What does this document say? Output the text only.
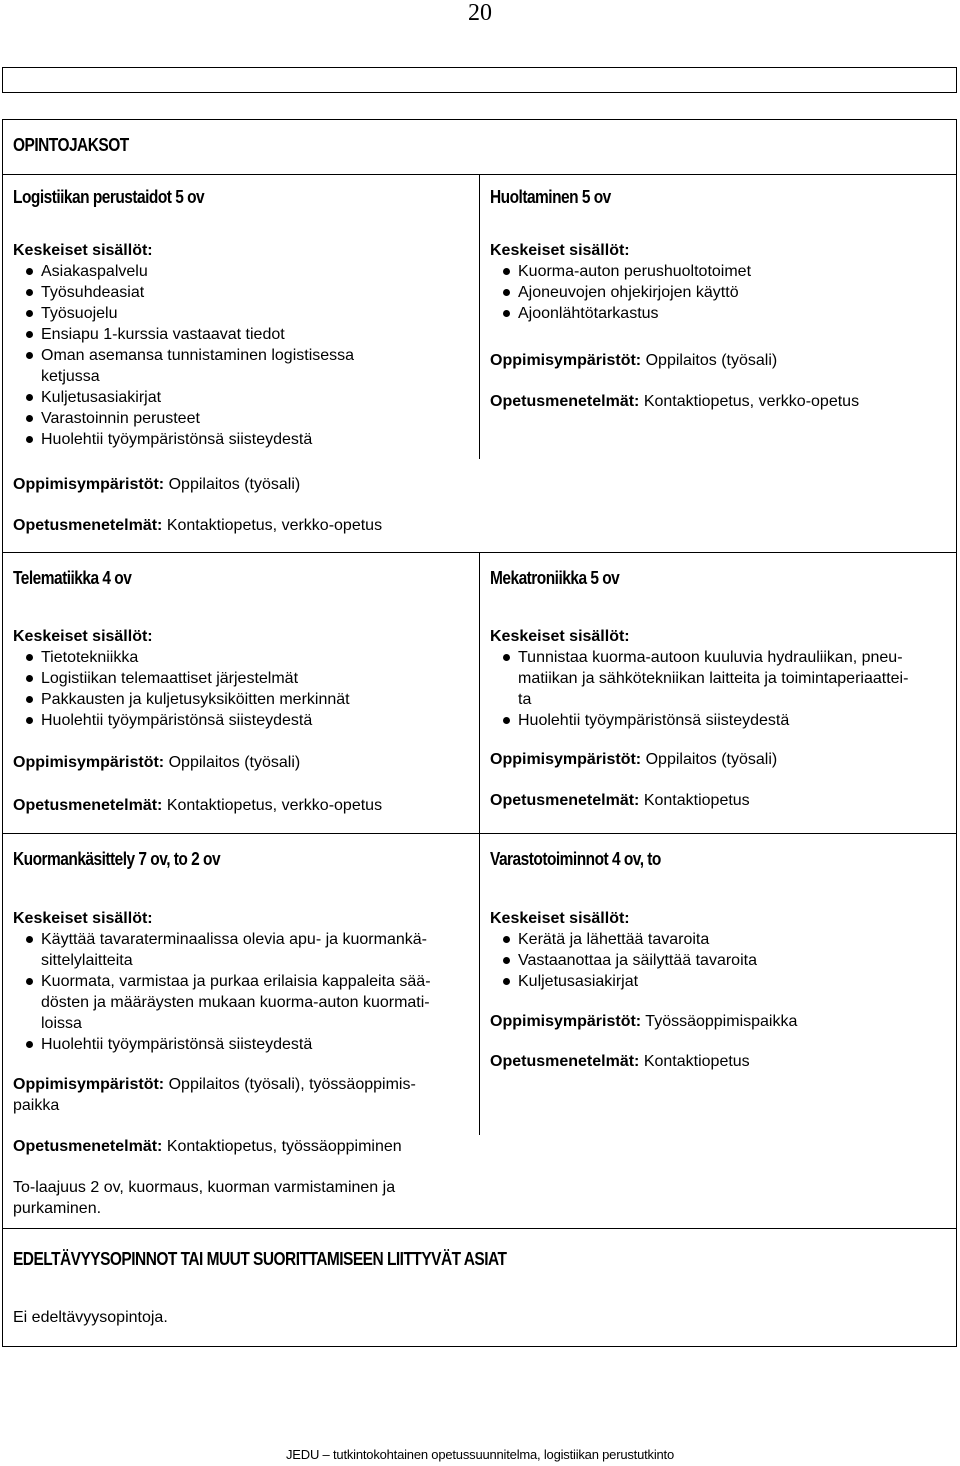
20
OPINTOJAKSOT
Logistiikan perustaidot 5 ov
Keskeiset sisällöt:
Asiakaspalvelu
Työsuhdeasiat
Työsuojelu
Ensiapu 1-kurssia vastaavat tiedot
Oman asemansa tunnistaminen logistisessa
ketjussa
Kuljetusasiakirjat
Varastoinnin perusteet
Huolehtii työympäristönsä siisteydestä
Oppimisympäristöt: Oppilaitos (työsali)
Opetusmenetelmät: Kontaktiopetus, verkko-opetus
Huoltaminen 5 ov
Keskeiset sisällöt:
Kuorma-auton perushuoltotoimet
Ajoneuvojen ohjekirjojen käyttö
Ajoonlähtötarkastus
Oppimisympäristöt: Oppilaitos (työsali)
Opetusmenetelmät: Kontaktiopetus, verkko-opetus
Telematiikka 4 ov
Keskeiset sisällöt:
Tietotekniikka
Logistiikan telemaattiset järjestelmät
Pakkausten ja kuljetusyksiköitten merkinnät
Huolehtii työympäristönsä siisteydestä
Oppimisympäristöt: Oppilaitos (työsali)
Opetusmenetelmät: Kontaktiopetus, verkko-opetus
Mekatroniikka 5 ov
Keskeiset sisällöt:
Tunnistaa kuorma-autoon kuuluvia hydrauliikan, pneu-
matiikan ja sähkötekniikan laitteita ja toimintaperiaattei-
ta
Huolehtii työympäristönsä siisteydestä
Oppimisympäristöt: Oppilaitos (työsali)
Opetusmenetelmät: Kontaktiopetus
Kuormankäsittely 7 ov, to 2 ov
Keskeiset sisällöt:
Käyttää tavaraterminaalissa olevia apu- ja kuormankä-
sittelylaitteita
Kuormata, varmistaa ja purkaa erilaisia kappaleita sää-
dösten ja määräysten mukaan kuorma-auton kuormati-
loissa
Huolehtii työympäristönsä siisteydestä
Oppimisympäristöt: Oppilaitos (työsali), työssäoppimis-
paikka
Opetusmenetelmät: Kontaktiopetus, työssäoppiminen
To-laajuus 2 ov, kuormaus, kuorman varmistaminen ja
purkaminen.
Varastotoiminnot 4 ov, to
Keskeiset sisällöt:
Kerätä ja lähettää tavaroita
Vastaanottaa ja säilyttää tavaroita
Kuljetusasiakirjat
Oppimisympäristöt: Työssäoppimispaikka
Opetusmenetelmät: Kontaktiopetus
EDELTÄVYYSOPINNOT TAI MUUT SUORITTAMISEEN LIITTYVÄT ASIAT
Ei edeltävyysopintoja.
JEDU – tutkintokohtainen opetussuunnitelma, logistiikan perustutkinto
